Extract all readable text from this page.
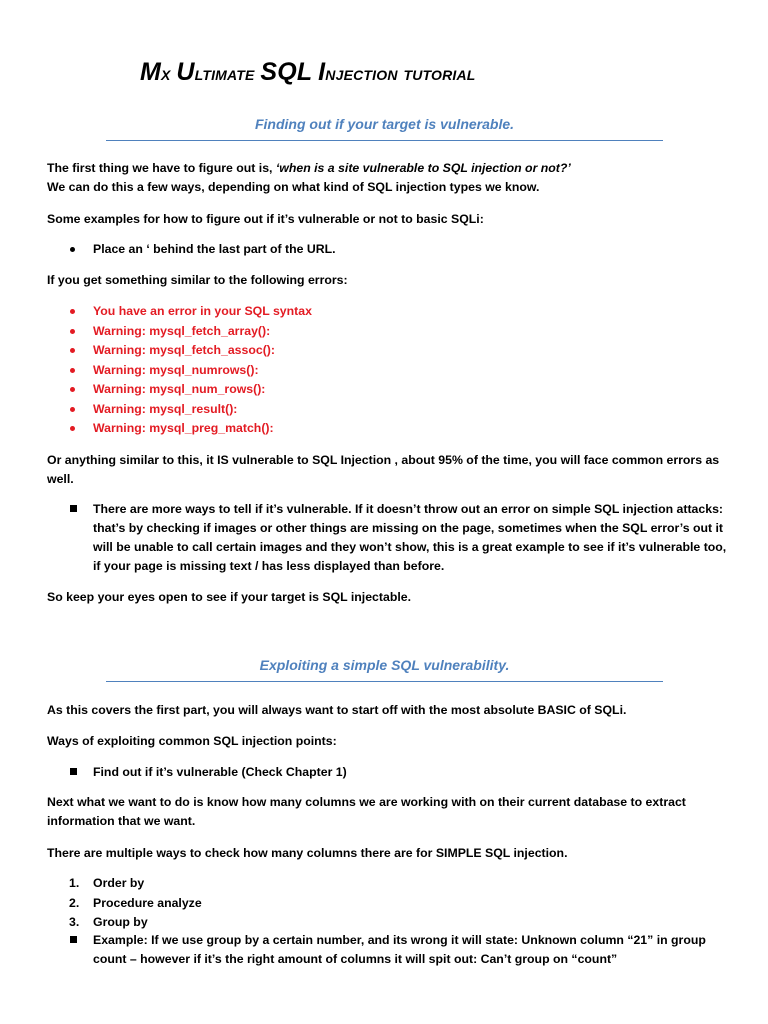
Mx Ultimate SQL Injection tutorial
Finding out if your target is vulnerable.

The first thing we have to figure out is, ‘when is a site vulnerable to SQL injection or not?’
We can do this a few ways, depending on what kind of SQL injection types we know.

Some examples for how to figure out if it’s vulnerable or not to basic SQLi:

Place an ‘ behind the last part of the URL.

If you get something similar to the following errors:

You have an error in your SQL syntax
Warning: mysql_fetch_array():
Warning: mysql_fetch_assoc():
Warning: mysql_numrows():
Warning: mysql_num_rows():
Warning: mysql_result():
Warning: mysql_preg_match():

Or anything similar to this, it IS vulnerable to SQL Injection , about 95% of the time, you will face common errors as well.

There are more ways to tell if it’s vulnerable. If it doesn’t throw out an error on simple SQL injection attacks: that’s by checking if images or other things are missing on the page, sometimes when the SQL error’s out it will be unable to call certain images and they won’t show, this is a great example to see if it’s vulnerable too, if your page is missing text / has less displayed than before.

So keep your eyes open to see if your target is SQL injectable.

Exploiting a simple SQL vulnerability.

As this covers the first part, you will always want to start off with the most absolute BASIC of SQLi.

Ways of exploiting common SQL injection points:

Find out if it’s vulnerable (Check Chapter 1)

Next what we want to do is know how many columns we are working with on their current database to extract information that we want.

There are multiple ways to check how many columns there are for SIMPLE SQL injection.

1. Order by
2. Procedure analyze
3. Group by
Example: If we use group by a certain number, and its wrong it will state: Unknown column “21” in group count – however if it’s the right amount of columns it will spit out: Can’t group on “count”
